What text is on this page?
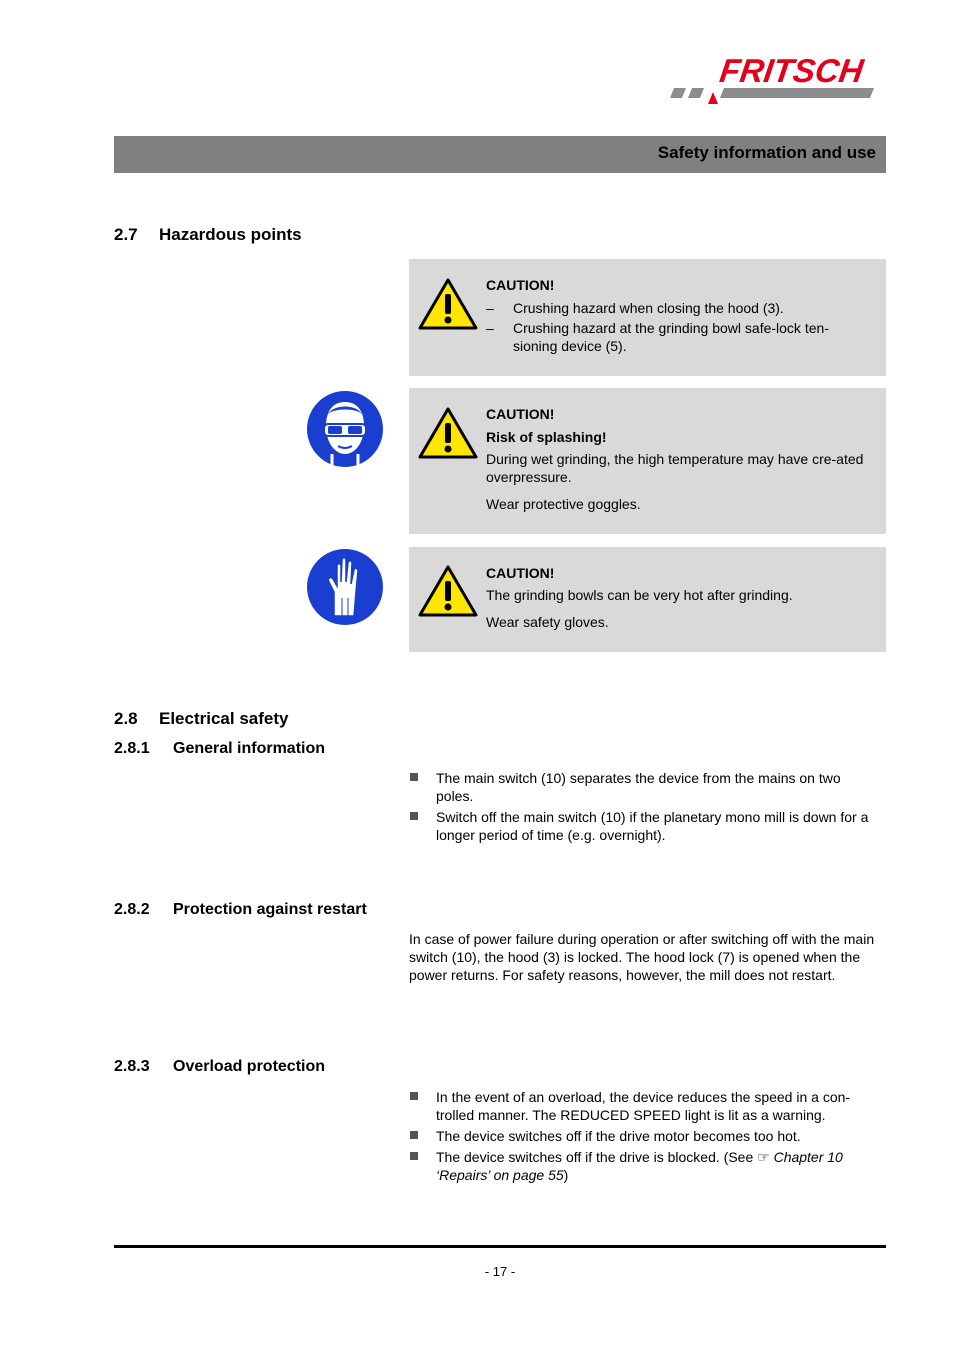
FRITSCH
Safety information and use
2.7 Hazardous points
CAUTION!
– Crushing hazard when closing the hood (3).
– Crushing hazard at the grinding bowl safe-lock ten-sioning device (5).
CAUTION!
Risk of splashing!
During wet grinding, the high temperature may have cre-ated overpressure.
Wear protective goggles.
CAUTION!
The grinding bowls can be very hot after grinding.
Wear safety gloves.
2.8 Electrical safety
2.8.1 General information
The main switch (10) separates the device from the mains on two poles.
Switch off the main switch (10) if the planetary mono mill is down for a longer period of time (e.g. overnight).
2.8.2 Protection against restart
In case of power failure during operation or after switching off with the main switch (10), the hood (3) is locked. The hood lock (7) is opened when the power returns. For safety reasons, however, the mill does not restart.
2.8.3 Overload protection
In the event of an overload, the device reduces the speed in a con-trolled manner. The REDUCED SPEED light is lit as a warning.
The device switches off if the drive motor becomes too hot.
The device switches off if the drive is blocked. (See ☞ Chapter 10 ‘Repairs’ on page 55)
- 17 -
